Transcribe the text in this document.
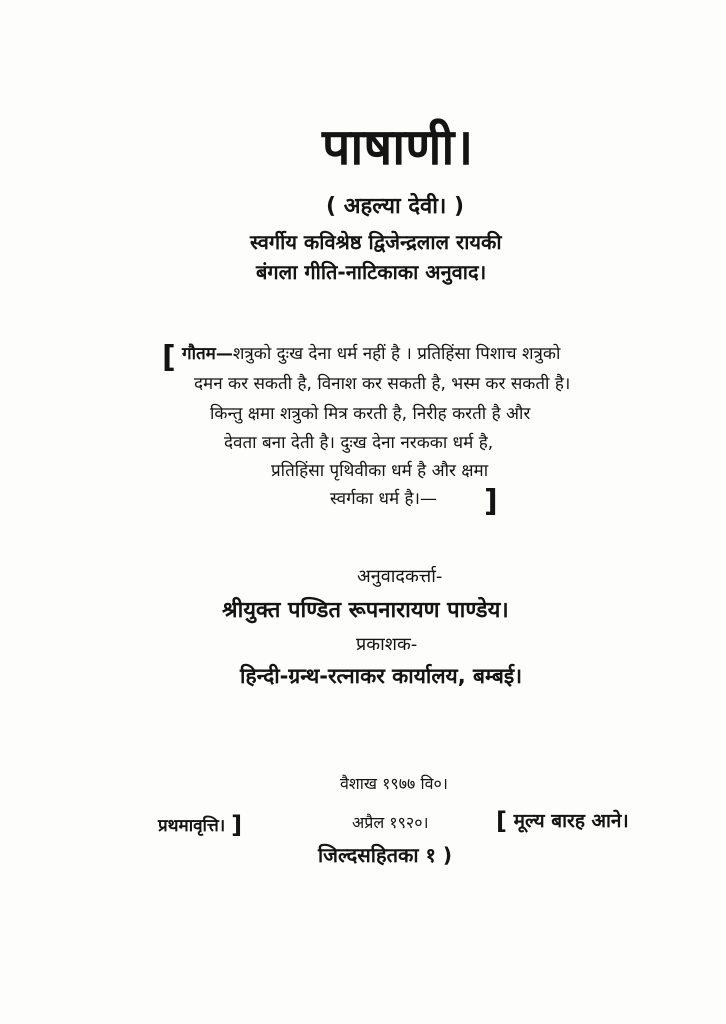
पाषाणी।
( अहल्या देवी। )
स्वर्गीय कविश्रेष्ठ द्विजेन्द्रलाल रायकी
बंगला गीति-नाटिकाका अनुवाद।
[ गौतम—शत्रुको दुःख देना धर्म नहीं है । प्रतिहिंसा पिशाच शत्रुको
दमन कर सकती है, विनाश कर सकती है, भस्म कर सकती है।
किन्तु क्षमा शत्रुको मित्र करती है, निरीह करती है और
देवता बना देती है। दुःख देना नरकका धर्म है,
प्रतिहिंसा पृथिवीका धर्म है और क्षमा
स्वर्गका धर्म है।— ]
अनुवादकर्त्ता-
श्रीयुक्त पण्डित रूपनारायण पाण्डेय।
प्रकाशक-
हिन्दी-ग्रन्थ-रत्नाकर कार्यालय, बम्बई।
वैशाख १९७७ वि०।
प्रथमावृत्ति। ]	अप्रैल १९२०।	[ मूल्य बारह आने।
जिल्दसहितका १ )
